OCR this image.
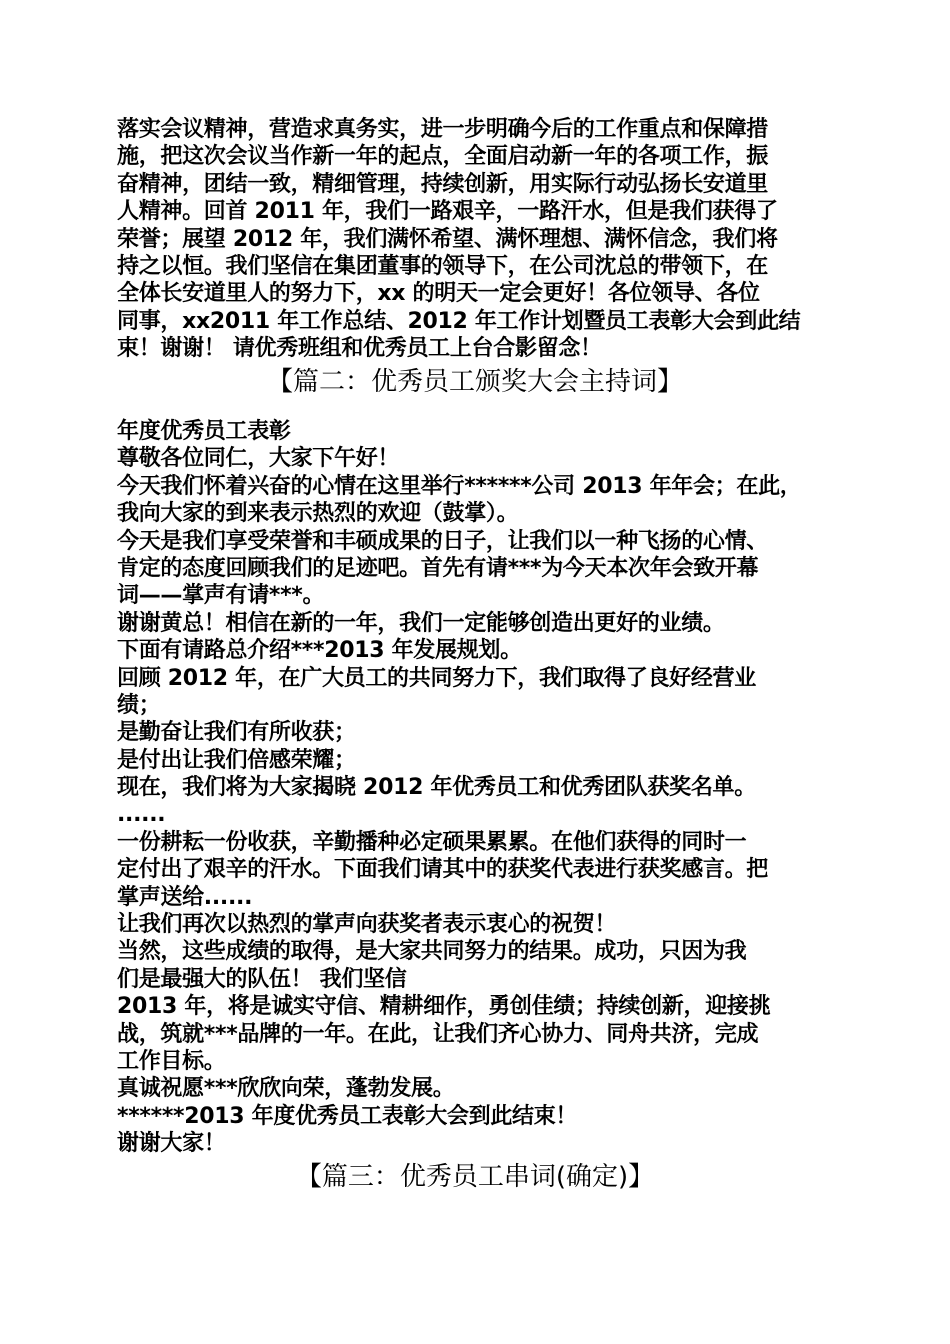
落实会议精神，营造求真务实，进一步明确今后的工作重点和保障措
施，把这次会议当作新一年的起点，全面启动新一年的各项工作，振
奋精神，团结一致，精细管理，持续创新，用实际行动弘扬长安道里
人精神。回首 2011 年，我们一路艰辛，一路汗水，但是我们获得了
荣誉；展望 2012 年，我们满怀希望、满怀理想、满怀信念，我们将
持之以恒。我们坚信在集团董事的领导下，在公司沈总的带领下，在
全体长安道里人的努力下，xx 的明天一定会更好！各位领导、各位
同事，xx2011 年工作总结、2012 年工作计划暨员工表彰大会到此结
束！谢谢！ 请优秀班组和优秀员工上台合影留念！
【篇二：优秀员工颁奖大会主持词】
年度优秀员工表彰
尊敬各位同仁，大家下午好！
今天我们怀着兴奋的心情在这里举行******公司 2013 年年会；在此，
我向大家的到来表示热烈的欢迎（鼓掌）。
今天是我们享受荣誉和丰硕成果的日子，让我们以一种飞扬的心情、
肯定的态度回顾我们的足迹吧。首先有请***为今天本次年会致开幕
词——掌声有请***。
谢谢黄总！相信在新的一年，我们一定能够创造出更好的业绩。
下面有请路总介绍***2013 年发展规划。
回顾 2012 年，在广大员工的共同努力下，我们取得了良好经营业
绩；
是勤奋让我们有所收获；
是付出让我们倍感荣耀；
现在，我们将为大家揭晓 2012 年优秀员工和优秀团队获奖名单。
......
一份耕耘一份收获，辛勤播种必定硕果累累。在他们获得的同时一
定付出了艰辛的汗水。下面我们请其中的获奖代表进行获奖感言。把
掌声送给......
让我们再次以热烈的掌声向获奖者表示衷心的祝贺！
当然，这些成绩的取得，是大家共同努力的结果。成功，只因为我
们是最强大的队伍！ 我们坚信
2013 年，将是诚实守信、精耕细作，勇创佳绩；持续创新，迎接挑
战，筑就***品牌的一年。在此，让我们齐心协力、同舟共济，完成
工作目标。
真诚祝愿***欣欣向荣，蓬勃发展。
******2013 年度优秀员工表彰大会到此结束！
谢谢大家！
【篇三：优秀员工串词(确定)】
